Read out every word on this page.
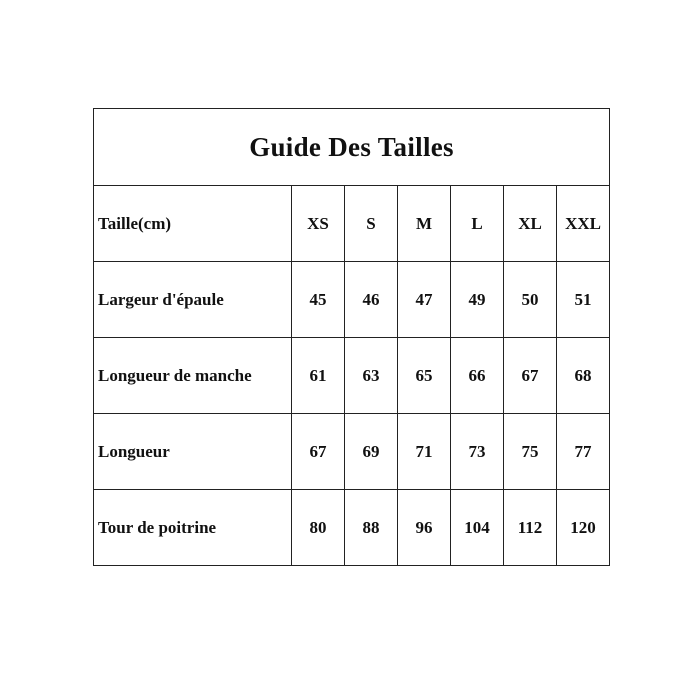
Guide Des Tailles						
Taille(cm)	XS	S	M	L	XL	XXL
Largeur d'épaule	45	46	47	49	50	51
Longueur de manche	61	63	65	66	67	68
Longueur	67	69	71	73	75	77
Tour de poitrine	80	88	96	104	112	120
